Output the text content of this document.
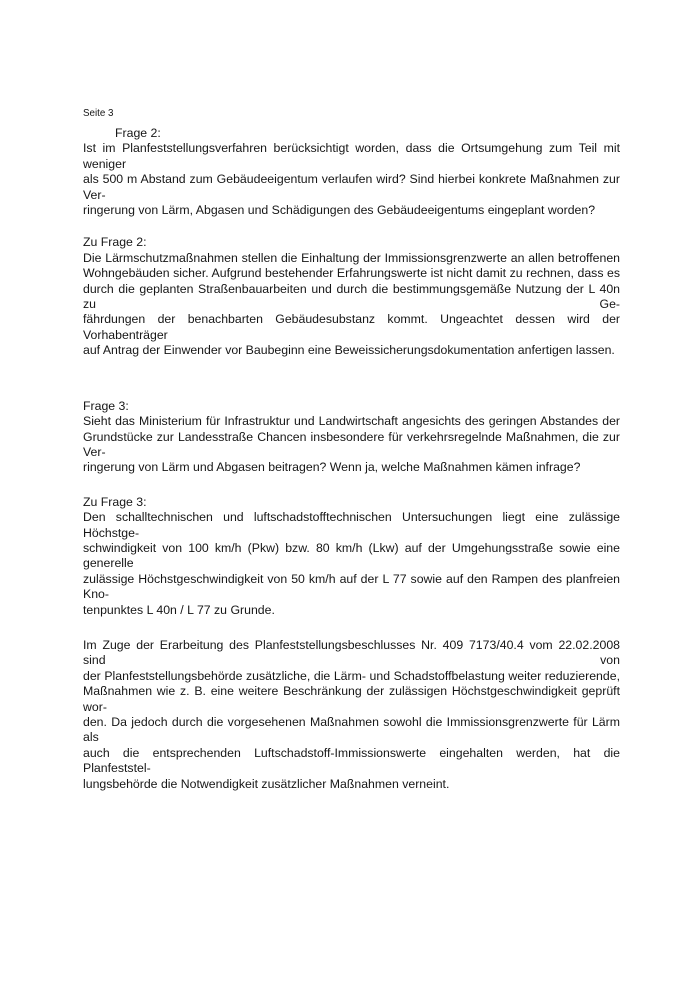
Seite 3
Frage 2:
Ist im Planfeststellungsverfahren berücksichtigt worden, dass die Ortsumgehung zum Teil mit weniger
als 500 m Abstand zum Gebäudeeigentum verlaufen wird? Sind hierbei konkrete Maßnahmen zur Ver-
ringerung von Lärm, Abgasen und Schädigungen des Gebäudeeigentums eingeplant worden?
Zu Frage 2:
Die Lärmschutzmaßnahmen stellen die Einhaltung der Immissionsgrenzwerte an allen betroffenen
Wohngebäuden sicher. Aufgrund bestehender Erfahrungswerte ist nicht damit zu rechnen, dass es
durch die geplanten Straßenbauarbeiten und durch die bestimmungsgemäße Nutzung der L 40n zu Ge-
fährdungen der benachbarten Gebäudesubstanz kommt. Ungeachtet dessen wird der Vorhabenträger
auf Antrag der Einwender vor Baubeginn eine Beweissicherungsdokumentation anfertigen lassen.
Frage 3:
Sieht das Ministerium für Infrastruktur und Landwirtschaft angesichts des geringen Abstandes der
Grundstücke zur Landesstraße Chancen insbesondere für verkehrsregelnde Maßnahmen, die zur Ver-
ringerung von Lärm und Abgasen beitragen? Wenn ja, welche Maßnahmen kämen infrage?
Zu Frage 3:
Den schalltechnischen und luftschadstofftechnischen Untersuchungen liegt eine zulässige Höchstge-
schwindigkeit von 100 km/h (Pkw) bzw. 80 km/h (Lkw) auf der Umgehungsstraße sowie eine generelle
zulässige Höchstgeschwindigkeit von 50 km/h auf der L 77 sowie auf den Rampen des planfreien Kno-
tenpunktes L 40n / L 77 zu Grunde.
Im Zuge der Erarbeitung des Planfeststellungsbeschlusses Nr. 409 7173/40.4 vom 22.02.2008 sind von
der Planfeststellungsbehörde zusätzliche, die Lärm- und Schadstoffbelastung weiter reduzierende,
Maßnahmen wie z. B. eine weitere Beschränkung der zulässigen Höchstgeschwindigkeit geprüft wor-
den. Da jedoch durch die vorgesehenen Maßnahmen sowohl die Immissionsgrenzwerte für Lärm als
auch die entsprechenden Luftschadstoff-Immissionswerte eingehalten werden, hat die Planfeststel-
lungsbehörde die Notwendigkeit zusätzlicher Maßnahmen verneint.
